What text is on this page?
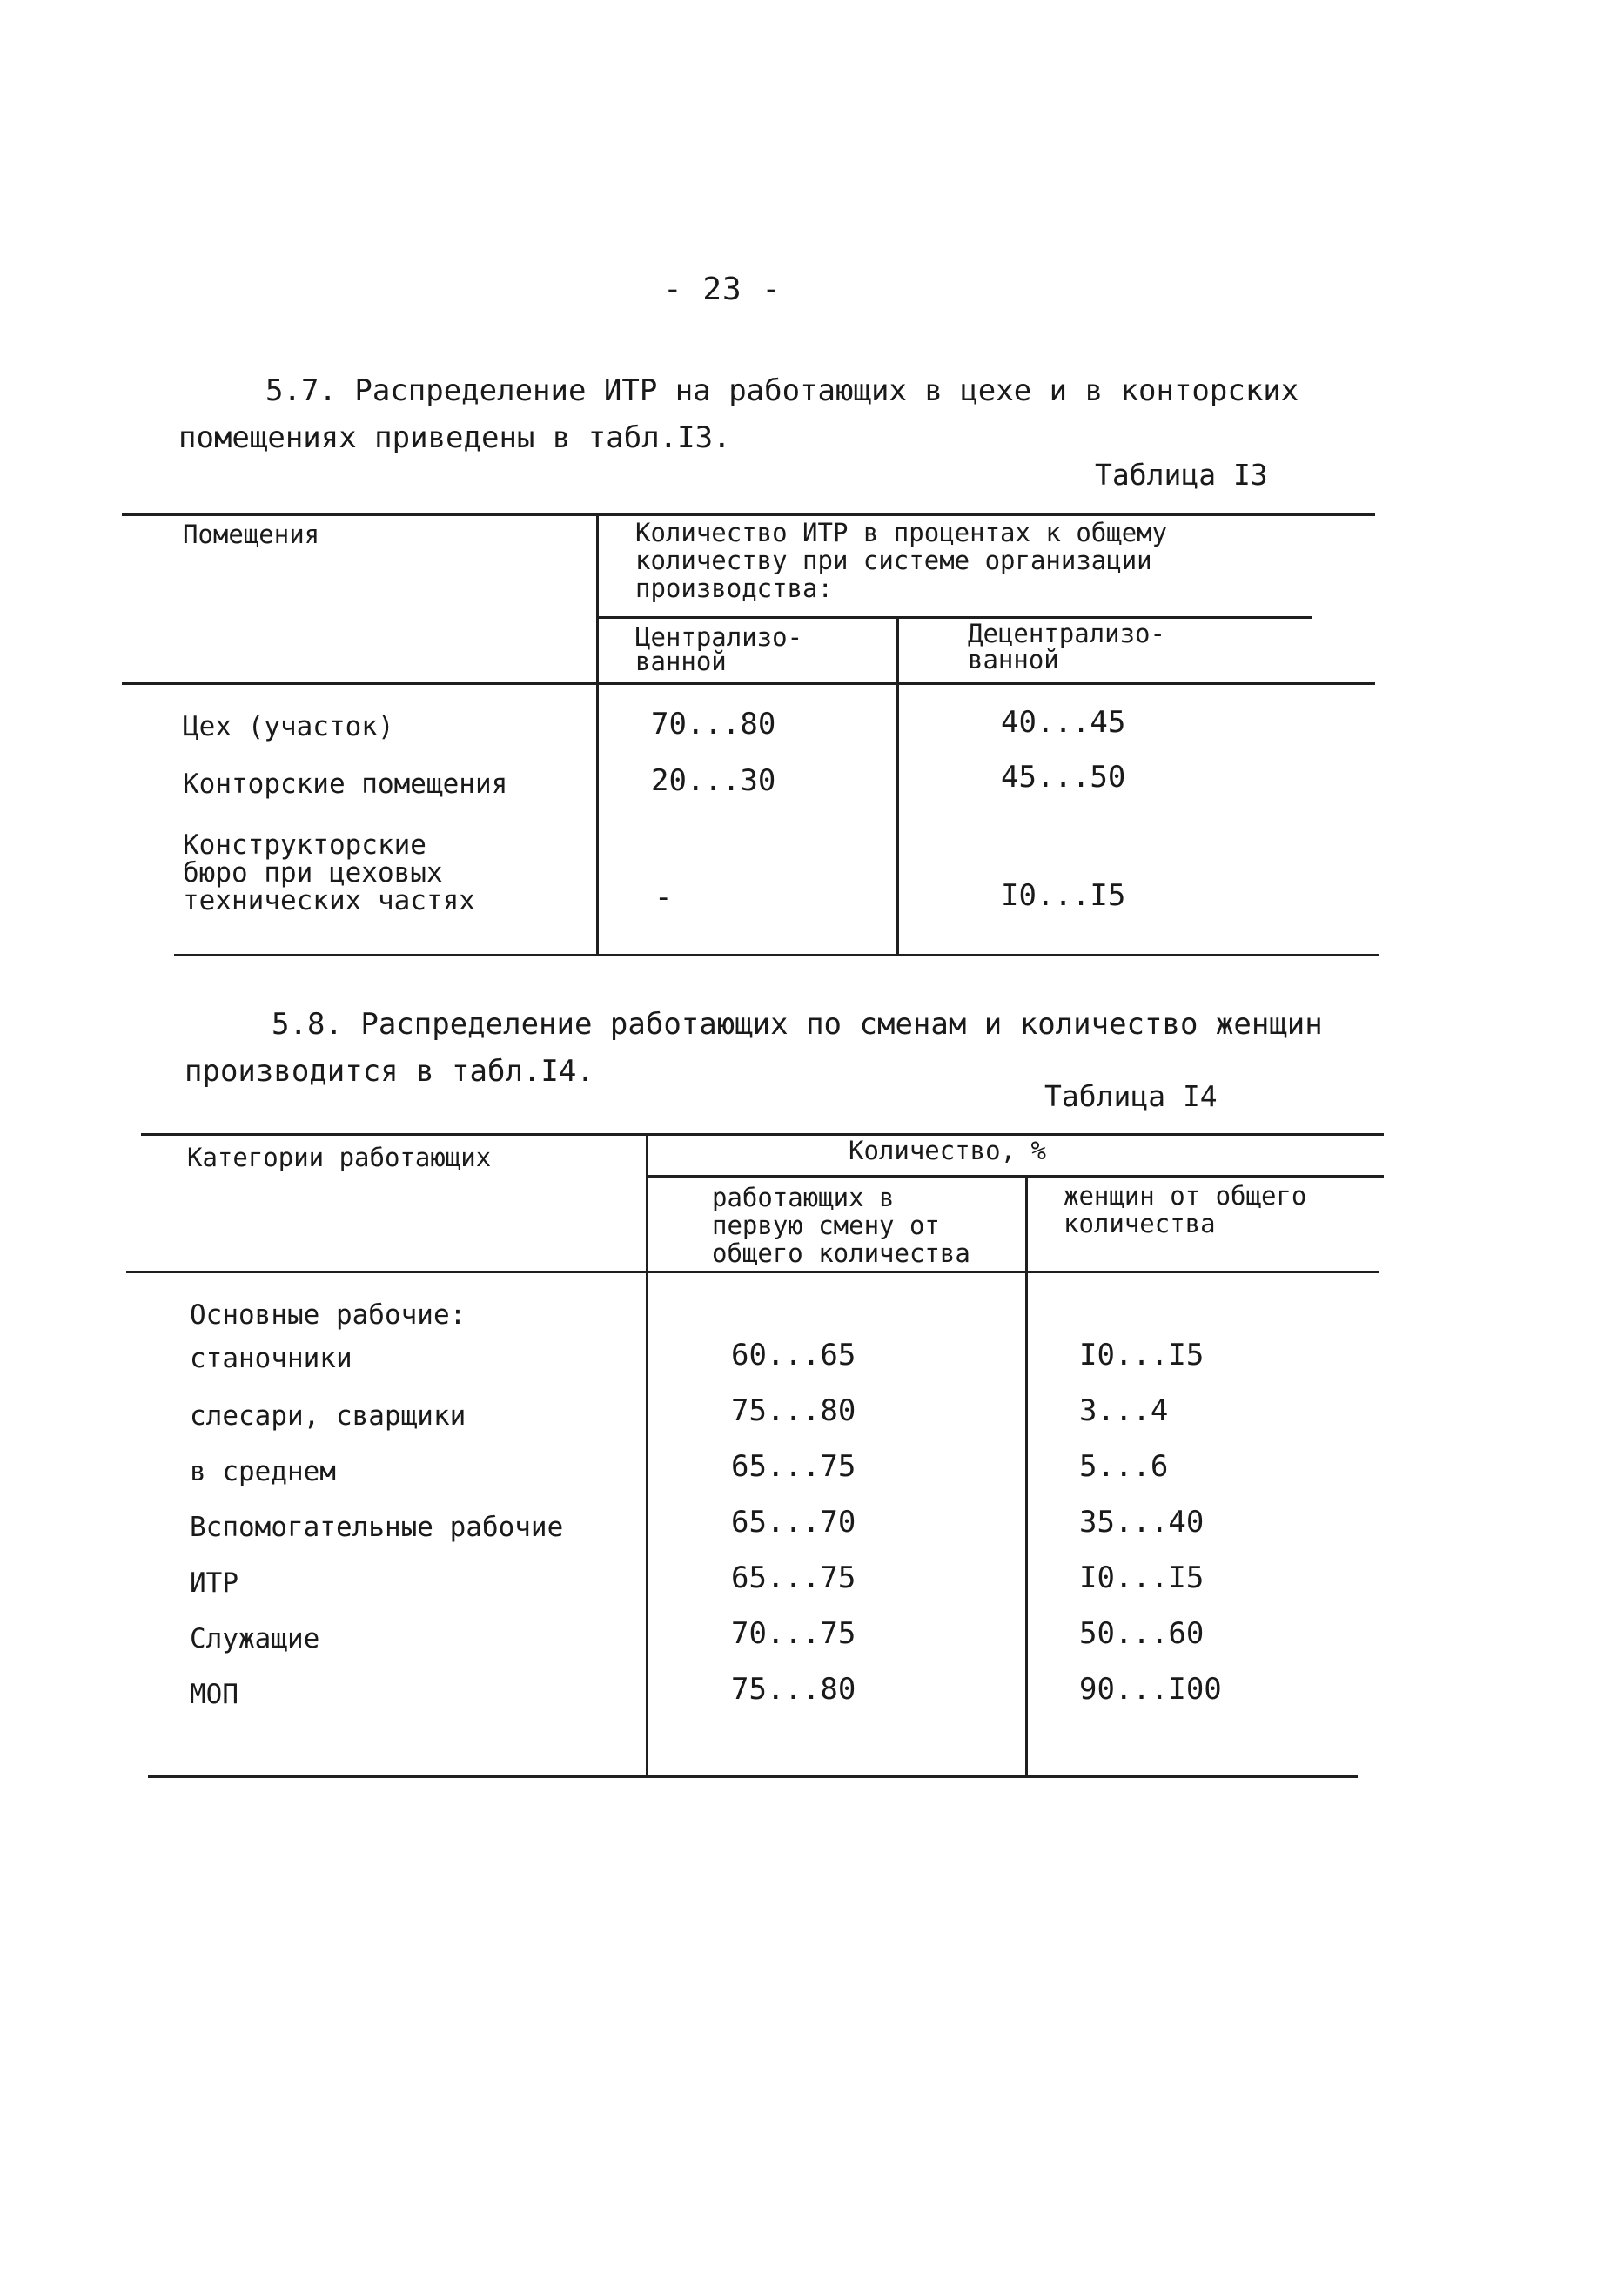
- 23 -
5.7. Распределение ИТР на работающих в цехе и в конторских
помещениях приведены в табл.I3.
Таблица I3
Помещения	Количество ИТР в процентах к общему
количеству при системе организации
производства:
Централизо-
ванной
Децентрализо-
ванной
Цех (участок)	70...80	40...45
Конторские помещения	20...30	45...50
Конструкторские
бюро при цеховых
технических частях	-	I0...I5
5.8. Распределение работающих по сменам и количество женщин
производится в табл.I4.
Таблица I4
Категории работающих	Количество, %
работающих в
первую смену от
общего количества
женщин от общего
количества
Основные рабочие:
станочники	60...65	I0...I5
слесари, сварщики	75...80	3...4
в среднем	65...75	5...6
Вспомогательные рабочие	65...70	35...40
ИТР	65...75	I0...I5
Служащие	70...75	50...60
МОП	75...80	90...I00
